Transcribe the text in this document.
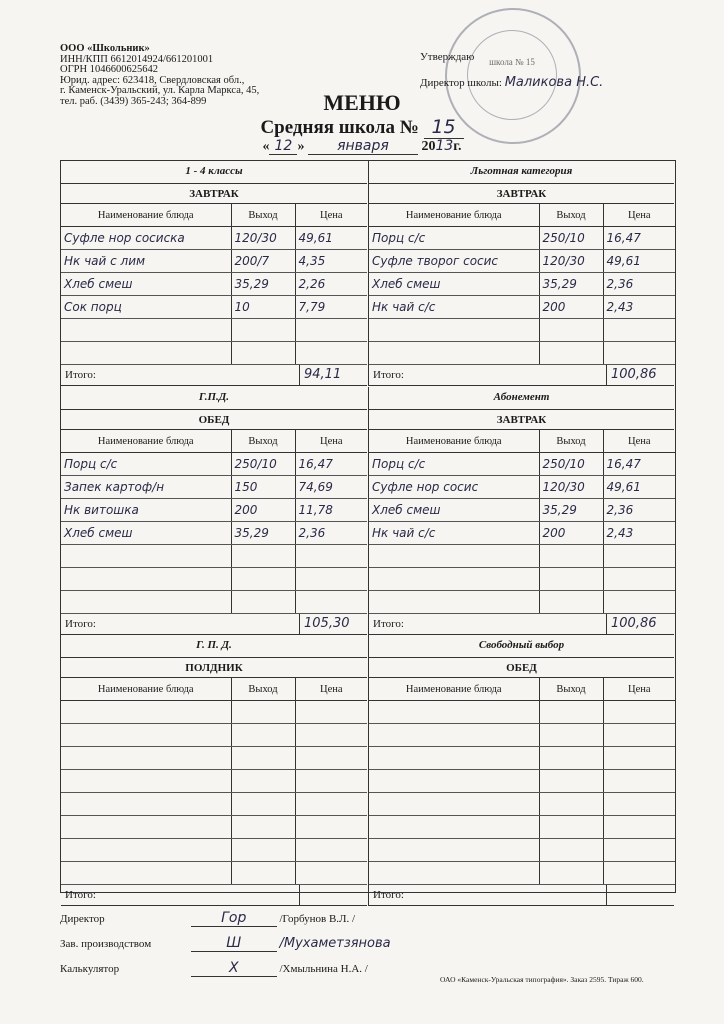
школа № 15
ООО «Школьник»
ИНН/КПП 6612014924/661201001
ОГРН 1046600625642
Юрид. адрес: 623418, Свердловская обл.,
г. Каменск-Уральский, ул. Карла Маркса, 45,
тел. раб. (3439) 365-243; 364-899
Утверждаю
Директор школы: Маликова Н.С.
МЕНЮ
Средняя школа № 15
« 12 » января 2013г.
1 - 4 классы
ЗАВТРАК
Наименование блюда	Выход	Цена
Суфле нор сосиска	120/30	49,61
Нк чай с лим	200/7	4,35
Хлеб смеш	35,29	2,26
Сок порц	10	7,79

Итого:	94,11
Льготная категория
ЗАВТРАК
Наименование блюда	Выход	Цена
Порц с/с	250/10	16,47
Суфле творог сосис	120/30	49,61
Хлеб смеш	35,29	2,36
Нк чай с/с	200	2,43

Итого:	100,86
Г.П.Д.
ОБЕД
Наименование блюда	Выход	Цена
Порц с/с	250/10	16,47
Запек картоф/н	150	74,69
Нк витошка	200	11,78
Хлеб смеш	35,29	2,36

Итого:	105,30
Абонемент
ЗАВТРАК
Наименование блюда	Выход	Цена
Порц с/с	250/10	16,47
Суфле нор сосис	120/30	49,61
Хлеб смеш	35,29	2,36
Нк чай с/с	200	2,43

Итого:	100,86
Г. П. Д.
ПОЛДНИК
Наименование блюда	Выход	Цена

Итого:
Свободный выбор
ОБЕД
Наименование блюда	Выход	Цена

Итого:
Директор	Гор	/Горбунов В.Л. /
Зав. производством	Ш	/Мухаметзянова
Калькулятор	Х	/Хмыльнина Н.А. /
ОАО «Каменск-Уральская типография». Заказ 2595. Тираж 600.
